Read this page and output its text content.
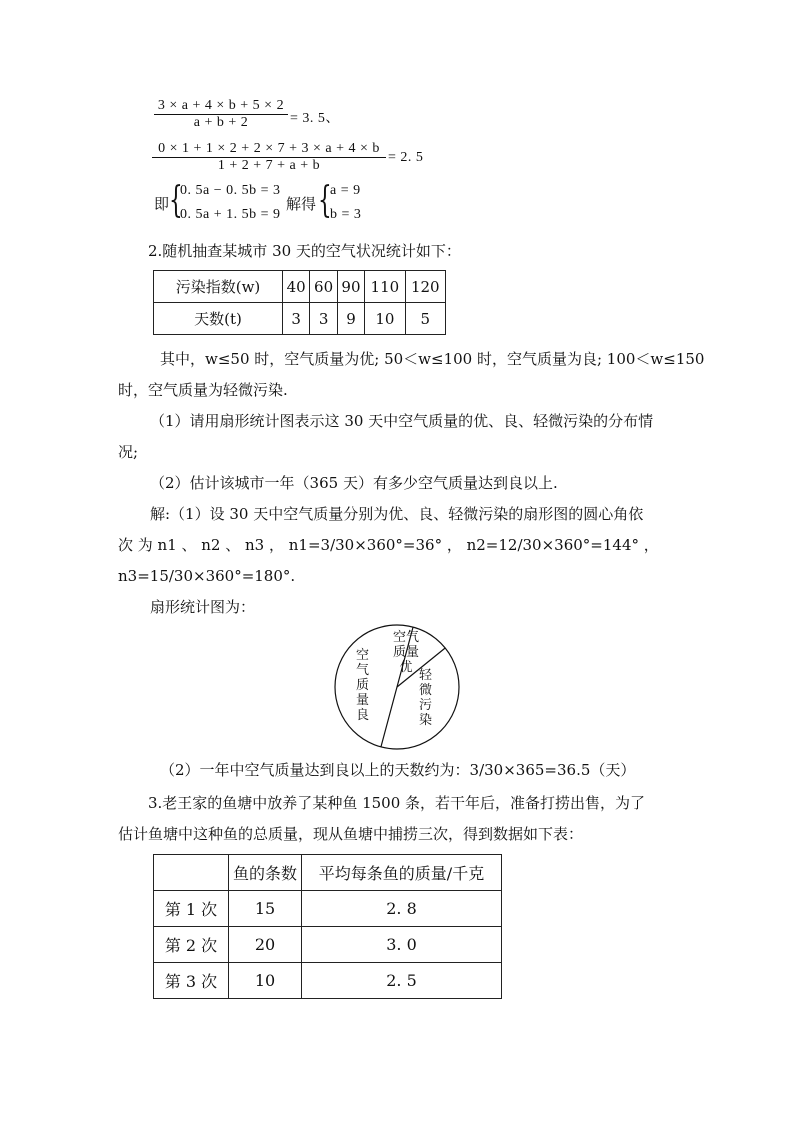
3 × a + 4 × b + 5 × 2
a + b + 2	= 3. 5、
0 × 1 + 1 × 2 + 2 × 7 + 3 × a + 4 × b
1 + 2 + 7 + a + b
= 2. 5
即 {
0. 5a − 0. 5b = 3
0. 5a + 1. 5b = 9
解得 {
a = 9
b = 3
2.随机抽查某城市 30 天的空气状况统计如下：
污染指数(w)	40	60	90	110	120
天数(t)	3	3	9	10	5
其中，w≤50 时，空气质量为优; 50＜w≤100 时，空气质量为良; 100＜w≤150
时，空气质量为轻微污染.
（1）请用扇形统计图表示这 30 天中空气质量的优、良、轻微污染的分布情
况;
（2）估计该城市一年（365 天）有多少空气质量达到良以上.
解:（1）设 30 天中空气质量分别为优、良、轻微污染的扇形图的圆心角依
次 为 n1 、 n2 、 n3 ， n1=3/30×360°=36° ， n2=12/30×360°=144° ，
n3=15/30×360°=180°.
扇形统计图为：
空气质量优
空气质量良
轻微污染
（2）一年中空气质量达到良以上的天数约为：3/30×365=36.5（天）
3.老王家的鱼塘中放养了某种鱼 1500 条，若干年后，准备打捞出售，为了
估计鱼塘中这种鱼的总质量，现从鱼塘中捕捞三次，得到数据如下表：
	鱼的条数	平均每条鱼的质量/千克
第 1 次	15	2. 8
第 2 次	20	3. 0
第 3 次	10	2. 5
